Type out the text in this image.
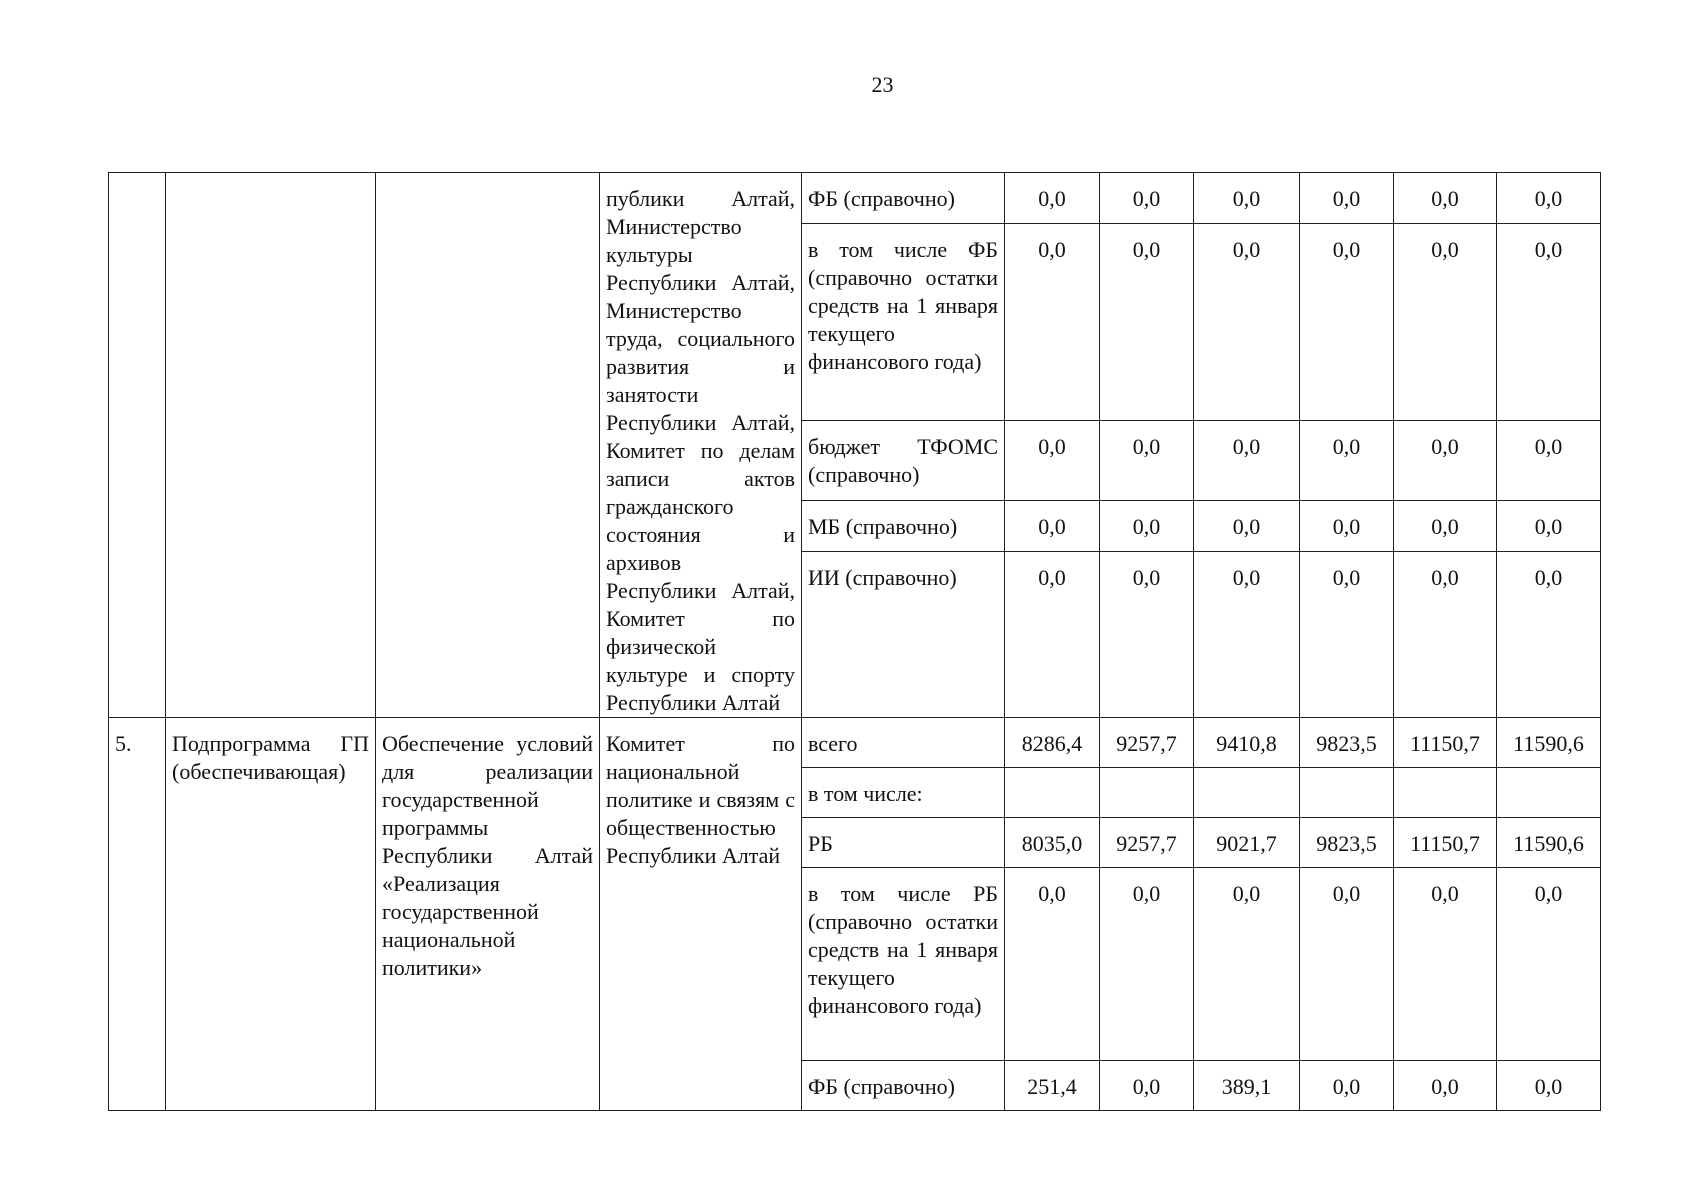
23

			публики Алтай, Министерство культуры Республики Алтай, Министерство труда, социального развития и занятости Республики Алтай, Комитет по делам записи актов гражданского состояния и архивов Республики Алтай, Комитет по физической культуре и спорту Республики Алтай	ФБ (справочно)	0,0	0,0	0,0	0,0	0,0	0,0

				в том числе ФБ (справочно остатки средств на 1 января текущего финансового года)	0,0	0,0	0,0	0,0	0,0	0,0

				бюджет ТФОМС (справочно)	0,0	0,0	0,0	0,0	0,0	0,0

				МБ (справочно)	0,0	0,0	0,0	0,0	0,0	0,0

				ИИ (справочно)	0,0	0,0	0,0	0,0	0,0	0,0

5.	Подпрограмма ГП (обеспечивающая)	Обеспечение условий для реализации государственной программы Республики Алтай «Реализация государственной национальной политики»	Комитет по национальной политике и связям с общественностью Республики Алтай	всего	8286,4	9257,7	9410,8	9823,5	11150,7	11590,6

				в том числе:						

				РБ	8035,0	9257,7	9021,7	9823,5	11150,7	11590,6

				в том числе РБ (справочно остатки средств на 1 января текущего финансового года)	0,0	0,0	0,0	0,0	0,0	0,0

				ФБ (справочно)	251,4	0,0	389,1	0,0	0,0	0,0
